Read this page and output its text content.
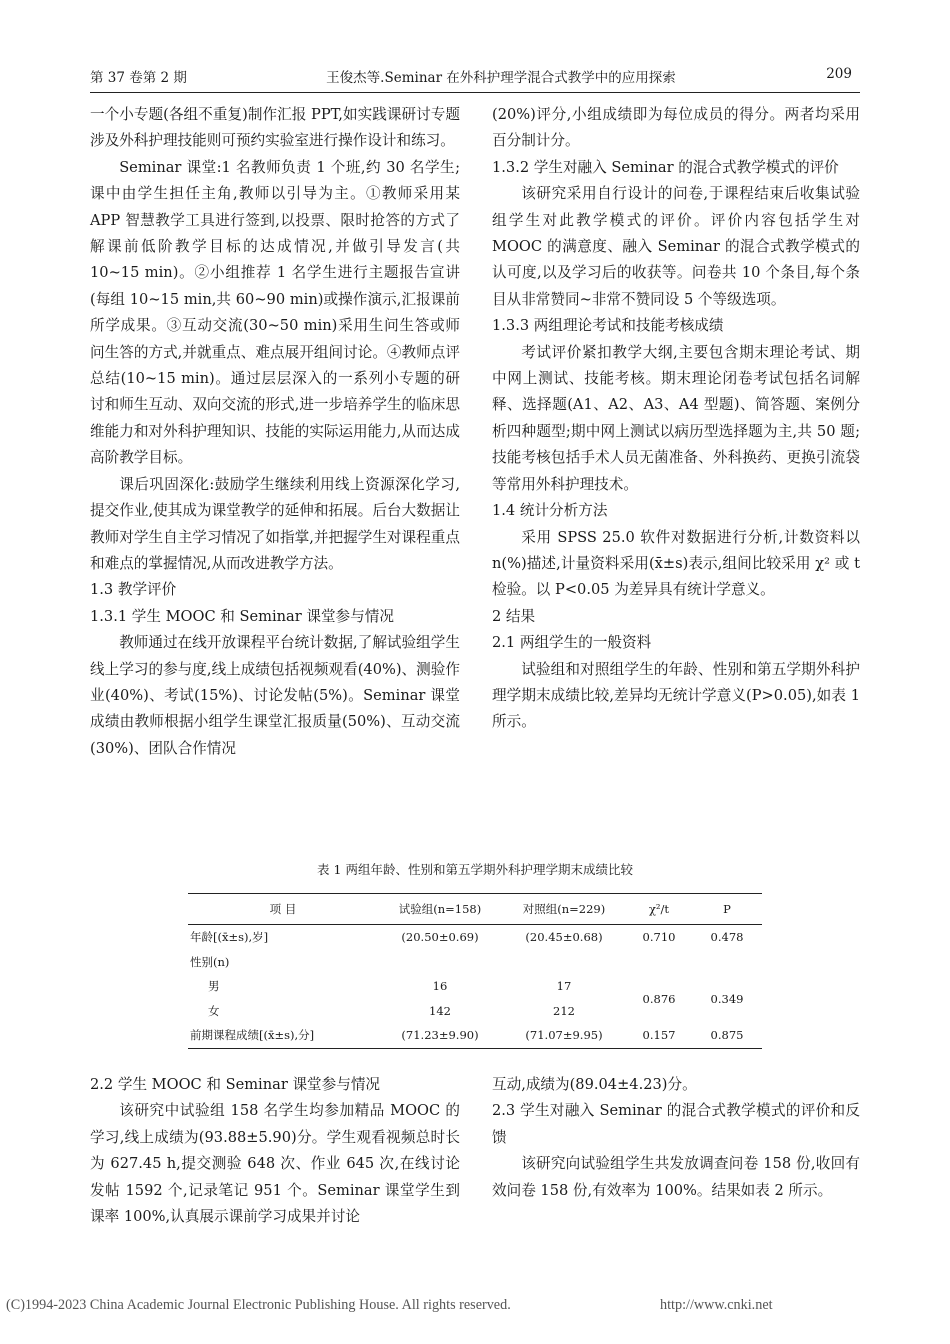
第 37 卷第 2 期	王俊杰等.Seminar 在外科护理学混合式教学中的应用探索	209

一个小专题(各组不重复)制作汇报 PPT,如实践课研讨专题涉及外科护理技能则可预约实验室进行操作设计和练习。

Seminar 课堂:1 名教师负责 1 个班,约 30 名学生;课中由学生担任主角,教师以引导为主。①教师采用某 APP 智慧教学工具进行签到,以投票、限时抢答的方式了解课前低阶教学目标的达成情况,并做引导发言(共 10~15 min)。②小组推荐 1 名学生进行主题报告宣讲(每组 10~15 min,共 60~90 min)或操作演示,汇报课前所学成果。③互动交流(30~50 min)采用生问生答或师问生答的方式,并就重点、难点展开组间讨论。④教师点评总结(10~15 min)。通过层层深入的一系列小专题的研讨和师生互动、双向交流的形式,进一步培养学生的临床思维能力和对外科护理知识、技能的实际运用能力,从而达成高阶教学目标。

课后巩固深化:鼓励学生继续利用线上资源深化学习,提交作业,使其成为课堂教学的延伸和拓展。后台大数据让教师对学生自主学习情况了如指掌,并把握学生对课程重点和难点的掌握情况,从而改进教学方法。

1.3 教学评价

1.3.1 学生 MOOC 和 Seminar 课堂参与情况

教师通过在线开放课程平台统计数据,了解试验组学生线上学习的参与度,线上成绩包括视频观看(40%)、测验作业(40%)、考试(15%)、讨论发帖(5%)。Seminar 课堂成绩由教师根据小组学生课堂汇报质量(50%)、互动交流(30%)、团队合作情况

(20%)评分,小组成绩即为每位成员的得分。两者均采用百分制计分。

1.3.2 学生对融入 Seminar 的混合式教学模式的评价

该研究采用自行设计的问卷,于课程结束后收集试验组学生对此教学模式的评价。评价内容包括学生对 MOOC 的满意度、融入 Seminar 的混合式教学模式的认可度,以及学习后的收获等。问卷共 10 个条目,每个条目从非常赞同~非常不赞同设 5 个等级选项。

1.3.3 两组理论考试和技能考核成绩

考试评价紧扣教学大纲,主要包含期末理论考试、期中网上测试、技能考核。期末理论闭卷考试包括名词解释、选择题(A1、A2、A3、A4 型题)、简答题、案例分析四种题型;期中网上测试以病历型选择题为主,共 50 题;技能考核包括手术人员无菌准备、外科换药、更换引流袋等常用外科护理技术。

1.4 统计分析方法

采用 SPSS 25.0 软件对数据进行分析,计数资料以 n(%)描述,计量资料采用(x̄±s)表示,组间比较采用 χ² 或 t 检验。以 P<0.05 为差异具有统计学意义。

2 结果

2.1 两组学生的一般资料

试验组和对照组学生的年龄、性别和第五学期外科护理学期末成绩比较,差异均无统计学意义(P>0.05),如表 1 所示。

表 1 两组年龄、性别和第五学期外科护理学期末成绩比较
项 目	试验组(n=158)	对照组(n=229)	χ²/t	P
年龄[(x̄±s),岁]	(20.50±0.69)	(20.45±0.68)	0.710	0.478
性别(n)				
男	16	17	0.876	0.349
女	142	212		
前期课程成绩[(x̄±s),分]	(71.23±9.90)	(71.07±9.95)	0.157	0.875

2.2 学生 MOOC 和 Seminar 课堂参与情况

该研究中试验组 158 名学生均参加精品 MOOC 的学习,线上成绩为(93.88±5.90)分。学生观看视频总时长为 627.45 h,提交测验 648 次、作业 645 次,在线讨论发帖 1592 个,记录笔记 951 个。Seminar 课堂学生到课率 100%,认真展示课前学习成果并讨论

互动,成绩为(89.04±4.23)分。

2.3 学生对融入 Seminar 的混合式教学模式的评价和反馈

该研究向试验组学生共发放调查问卷 158 份,收回有效问卷 158 份,有效率为 100%。结果如表 2 所示。

(C)1994-2023 China Academic Journal Electronic Publishing House. All rights reserved.	http://www.cnki.net
